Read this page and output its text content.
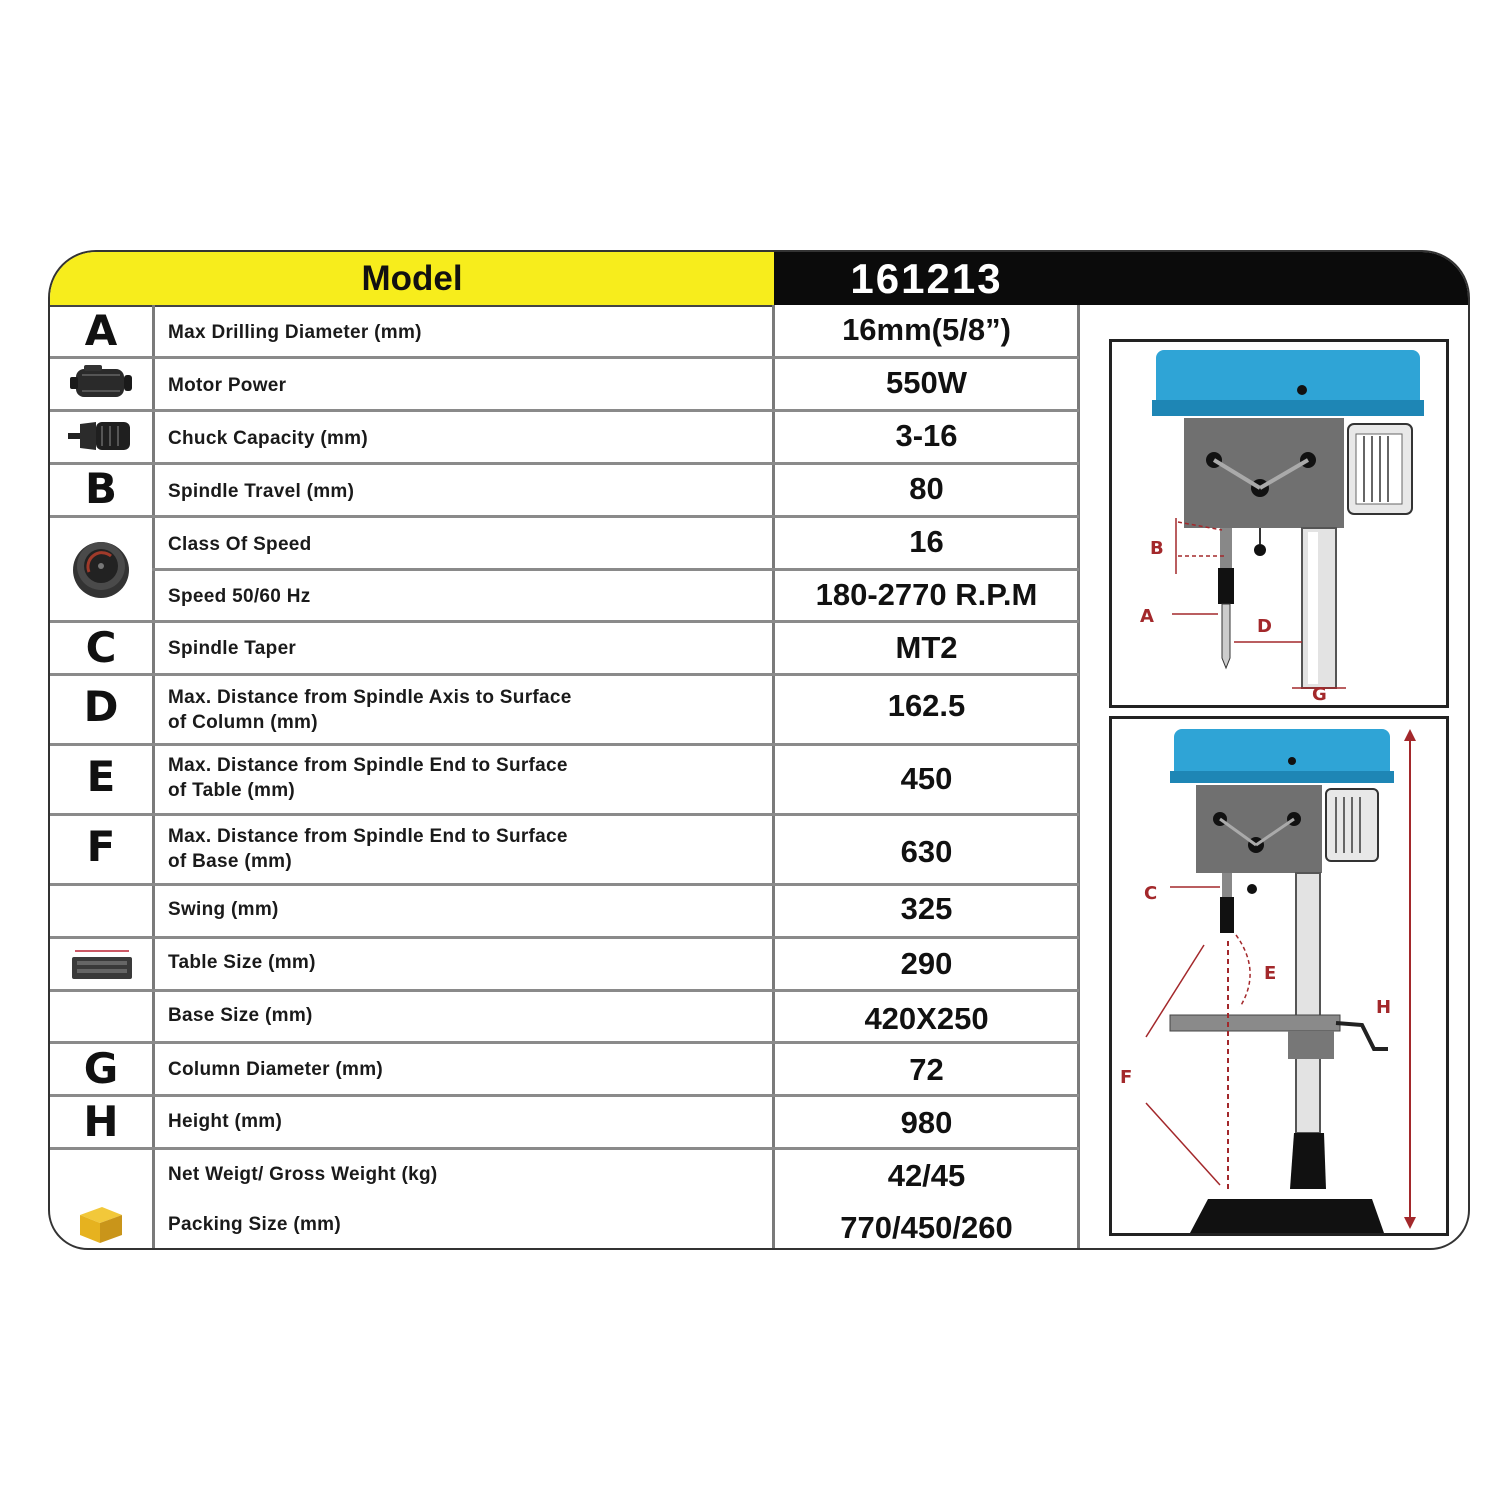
Model	161213
A	Max Drilling Diameter (mm)	16mm(5/8”)
Motor Power	550W
Chuck Capacity (mm)	3-16
B	Spindle Travel (mm)	80
Class Of Speed	16
Speed 50/60 Hz	180-2770 R.P.M
C	Spindle Taper	MT2
D	Max. Distance from Spindle Axis to Surface
of Column (mm)	162.5
E	Max. Distance from Spindle End to Surface
of Table (mm)	450
F	Max. Distance from Spindle End to Surface
of Base (mm)	630
Swing (mm)	325
Table Size (mm)	290
Base Size (mm)	420X250
G	Column Diameter (mm)	72
H	Height (mm)	980
Net Weigt/ Gross Weight (kg)	42/45
Packing Size (mm)	770/450/260
B
A	D
G
C
E
H
F
